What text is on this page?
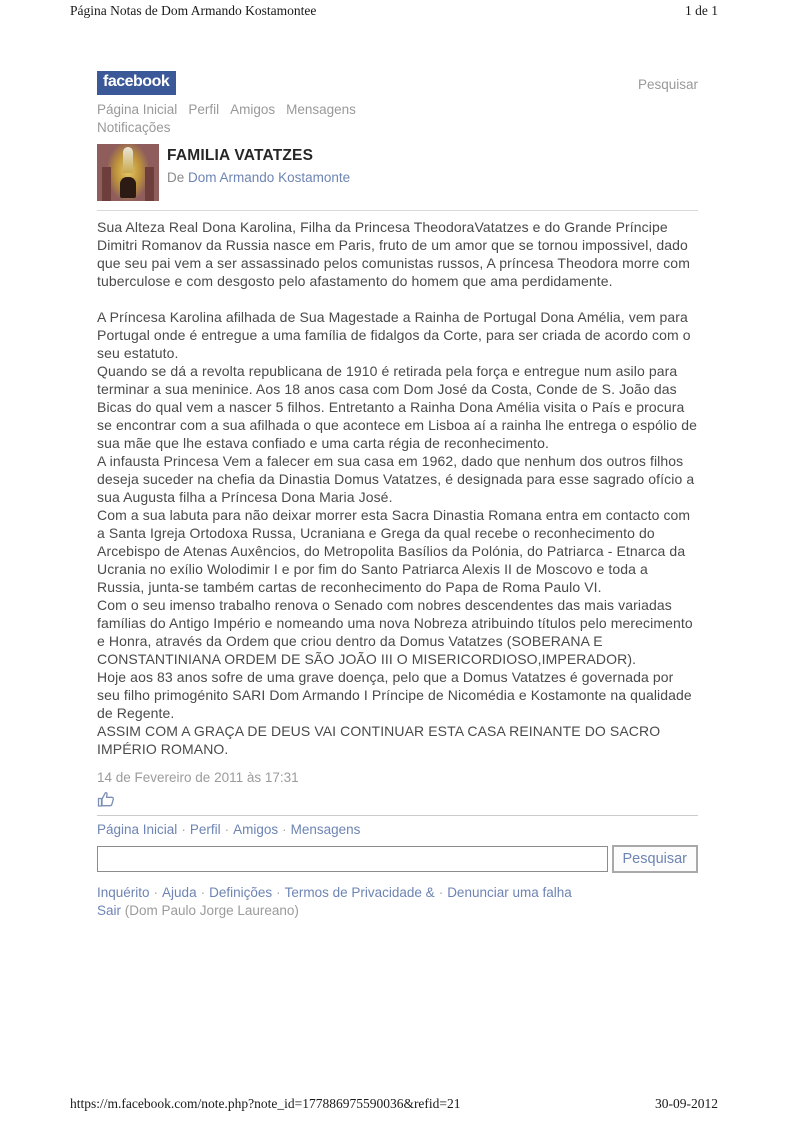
Página Notas de Dom Armando Kostamontee	1 de 1
facebook	Pesquisar
Página Inicial Perfil Amigos Mensagens
Notificações
FAMILIA VATATZES
De Dom Armando Kostamonte

Sua Alteza Real Dona Karolina, Filha da Princesa TheodoraVatatzes e do Grande Príncipe Dimitri Romanov da Russia nasce em Paris, fruto de um amor que se tornou impossivel, dado que seu pai vem a ser assassinado pelos comunistas russos, A príncesa Theodora morre com tuberculose e com desgosto pelo afastamento do homem que ama perdidamente.

A Príncesa Karolina afilhada de Sua Magestade a Rainha de Portugal Dona Amélia, vem para Portugal onde é entregue a uma família de fidalgos da Corte, para ser criada de acordo com o seu estatuto.

Quando se dá a revolta republicana de 1910 é retirada pela força e entregue num asilo para terminar a sua meninice. Aos 18 anos casa com Dom José da Costa, Conde de S. João das Bicas do qual vem a nascer 5 filhos. Entretanto a Rainha Dona Amélia visita o País e procura se encontrar com a sua afilhada o que acontece em Lisboa aí a rainha lhe entrega o espólio de sua mãe que lhe estava confiado e uma carta régia de reconhecimento.

A infausta Princesa Vem a falecer em sua casa em 1962, dado que nenhum dos outros filhos deseja suceder na chefia da Dinastia Domus Vatatzes, é designada para esse sagrado ofício a sua Augusta filha a Príncesa Dona Maria José.

Com a sua labuta para não deixar morrer esta Sacra Dinastia Romana entra em contacto com a Santa Igreja Ortodoxa Russa, Ucraniana e Grega da qual recebe o reconhecimento do Arcebispo de Atenas Auxêncios, do Metropolita Basílios da Polónia, do Patriarca - Etnarca da Ucrania no exílio Wolodimir I e por fim do Santo Patriarca Alexis II de Moscovo e toda a Russia, junta-se também cartas de reconhecimento do Papa de Roma Paulo VI.

Com o seu imenso trabalho renova o Senado com nobres descendentes das mais variadas famílias do Antigo Império e nomeando uma nova Nobreza atribuindo títulos pelo merecimento e Honra, através da Ordem que criou dentro da Domus Vatatzes (SOBERANA E CONSTANTINIANA ORDEM DE SÃO JOÃO III O MISERICORDIOSO,IMPERADOR).

Hoje aos 83 anos sofre de uma grave doença, pelo que a Domus Vatatzes é governada por seu filho primogénito SARI Dom Armando I Príncipe de Nicomédia e Kostamonte na qualidade de Regente.

ASSIM COM A GRAÇA DE DEUS VAI CONTINUAR ESTA CASA REINANTE DO SACRO IMPÉRIO ROMANO.

14 de Fevereiro de 2011 às 17:31
Página Inicial · Perfil · Amigos · Mensagens
Pesquisar
Inquérito · Ajuda · Definições · Termos de Privacidade & · Denunciar uma falha
Sair (Dom Paulo Jorge Laureano)
https://m.facebook.com/note.php?note_id=177886975590036&refid=21	30-09-2012
